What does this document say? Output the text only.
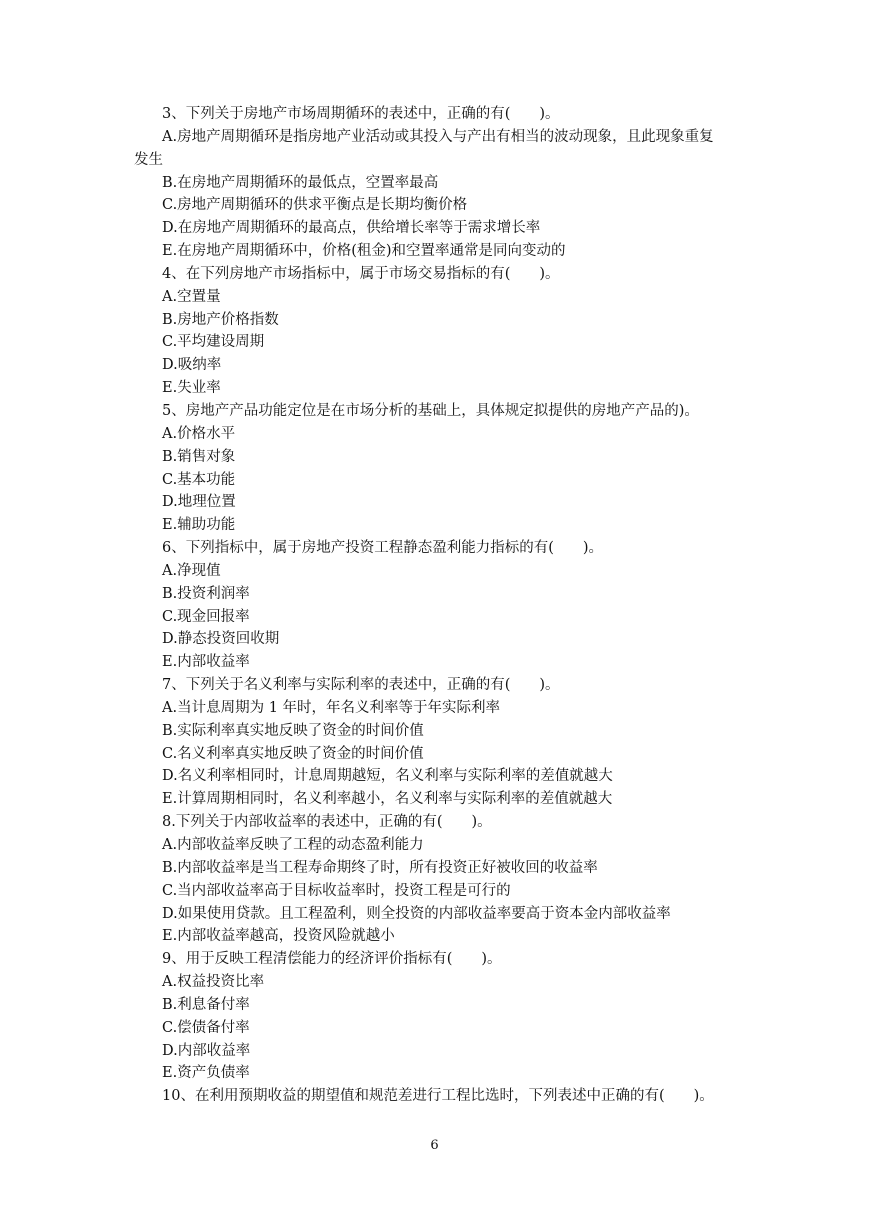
3、下列关于房地产市场周期循环的表述中，正确的有(　　)。
A.房地产周期循环是指房地产业活动或其投入与产出有相当的波动现象，且此现象重复
发生
B.在房地产周期循环的最低点，空置率最高
C.房地产周期循环的供求平衡点是长期均衡价格
D.在房地产周期循环的最高点，供给增长率等于需求增长率
E.在房地产周期循环中，价格(租金)和空置率通常是同向变动的
4、在下列房地产市场指标中，属于市场交易指标的有(　　)。
A.空置量
B.房地产价格指数
C.平均建设周期
D.吸纳率
E.失业率
5、房地产产品功能定位是在市场分析的基础上，具体规定拟提供的房地产产品的)。
A.价格水平
B.销售对象
C.基本功能
D.地理位置
E.辅助功能
6、下列指标中，属于房地产投资工程静态盈利能力指标的有(　　)。
A.净现值
B.投资利润率
C.现金回报率
D.静态投资回收期
E.内部收益率
7、下列关于名义利率与实际利率的表述中，正确的有(　　)。
A.当计息周期为 1 年时，年名义利率等于年实际利率
B.实际利率真实地反映了资金的时间价值
C.名义利率真实地反映了资金的时间价值
D.名义利率相同时，计息周期越短，名义利率与实际利率的差值就越大
E.计算周期相同时，名义利率越小，名义利率与实际利率的差值就越大
8.下列关于内部收益率的表述中，正确的有(　　)。
A.内部收益率反映了工程的动态盈利能力
B.内部收益率是当工程寿命期终了时，所有投资正好被收回的收益率
C.当内部收益率高于目标收益率时，投资工程是可行的
D.如果使用贷款。且工程盈利，则全投资的内部收益率要高于资本金内部收益率
E.内部收益率越高，投资风险就越小
9、用于反映工程清偿能力的经济评价指标有(　　)。
A.权益投资比率
B.利息备付率
C.偿债备付率
D.内部收益率
E.资产负债率
10、在利用预期收益的期望值和规范差进行工程比选时，下列表述中正确的有(　　)。
6
